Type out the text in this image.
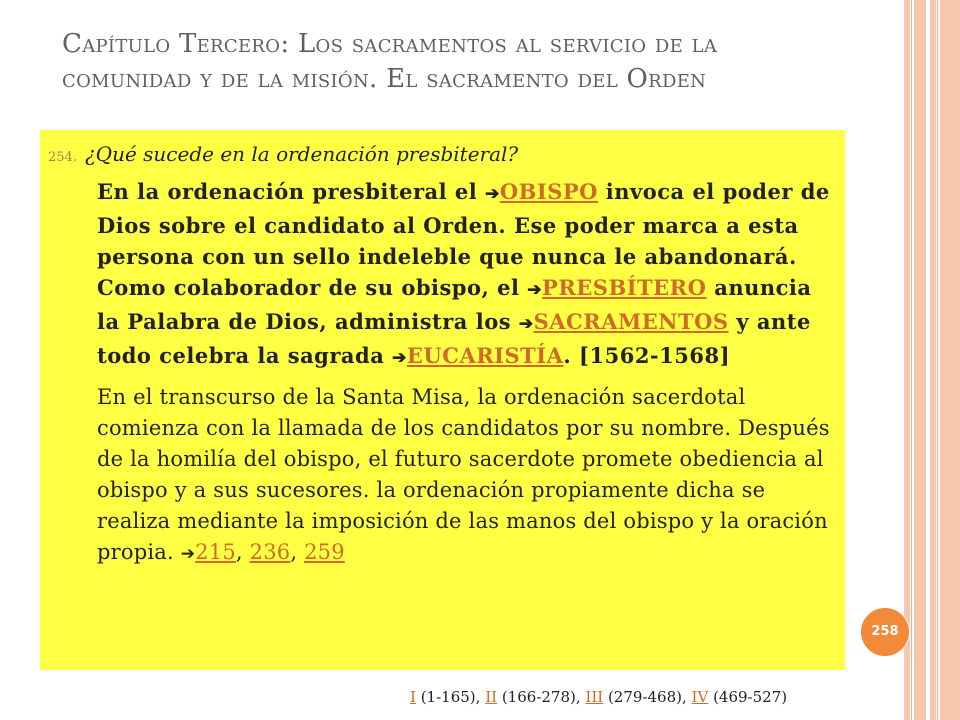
Capítulo Tercero: Los sacramentos al servicio de la comunidad y de la misión. El sacramento del Orden

254. ¿Qué sucede en la ordenación presbiteral?

En la ordenación presbiteral el ➔OBISPO invoca el poder de Dios sobre el candidato al Orden. Ese poder marca a esta persona con un sello indeleble que nunca le abandonará. Como colaborador de su obispo, el ➔PRESBÍTERO anuncia la Palabra de Dios, administra los ➔SACRAMENTOS y ante todo celebra la sagrada ➔EUCARISTÍA. [1562-1568]

En el transcurso de la Santa Misa, la ordenación sacerdotal comienza con la llamada de los candidatos por su nombre. Después de la homilía del obispo, el futuro sacerdote promete obediencia al obispo y a sus sucesores. la ordenación propiamente dicha se realiza mediante la imposición de las manos del obispo y la oración propia. ➔215, 236, 259

258
I (1-165), II (166-278), III (279-468), IV (469-527)
